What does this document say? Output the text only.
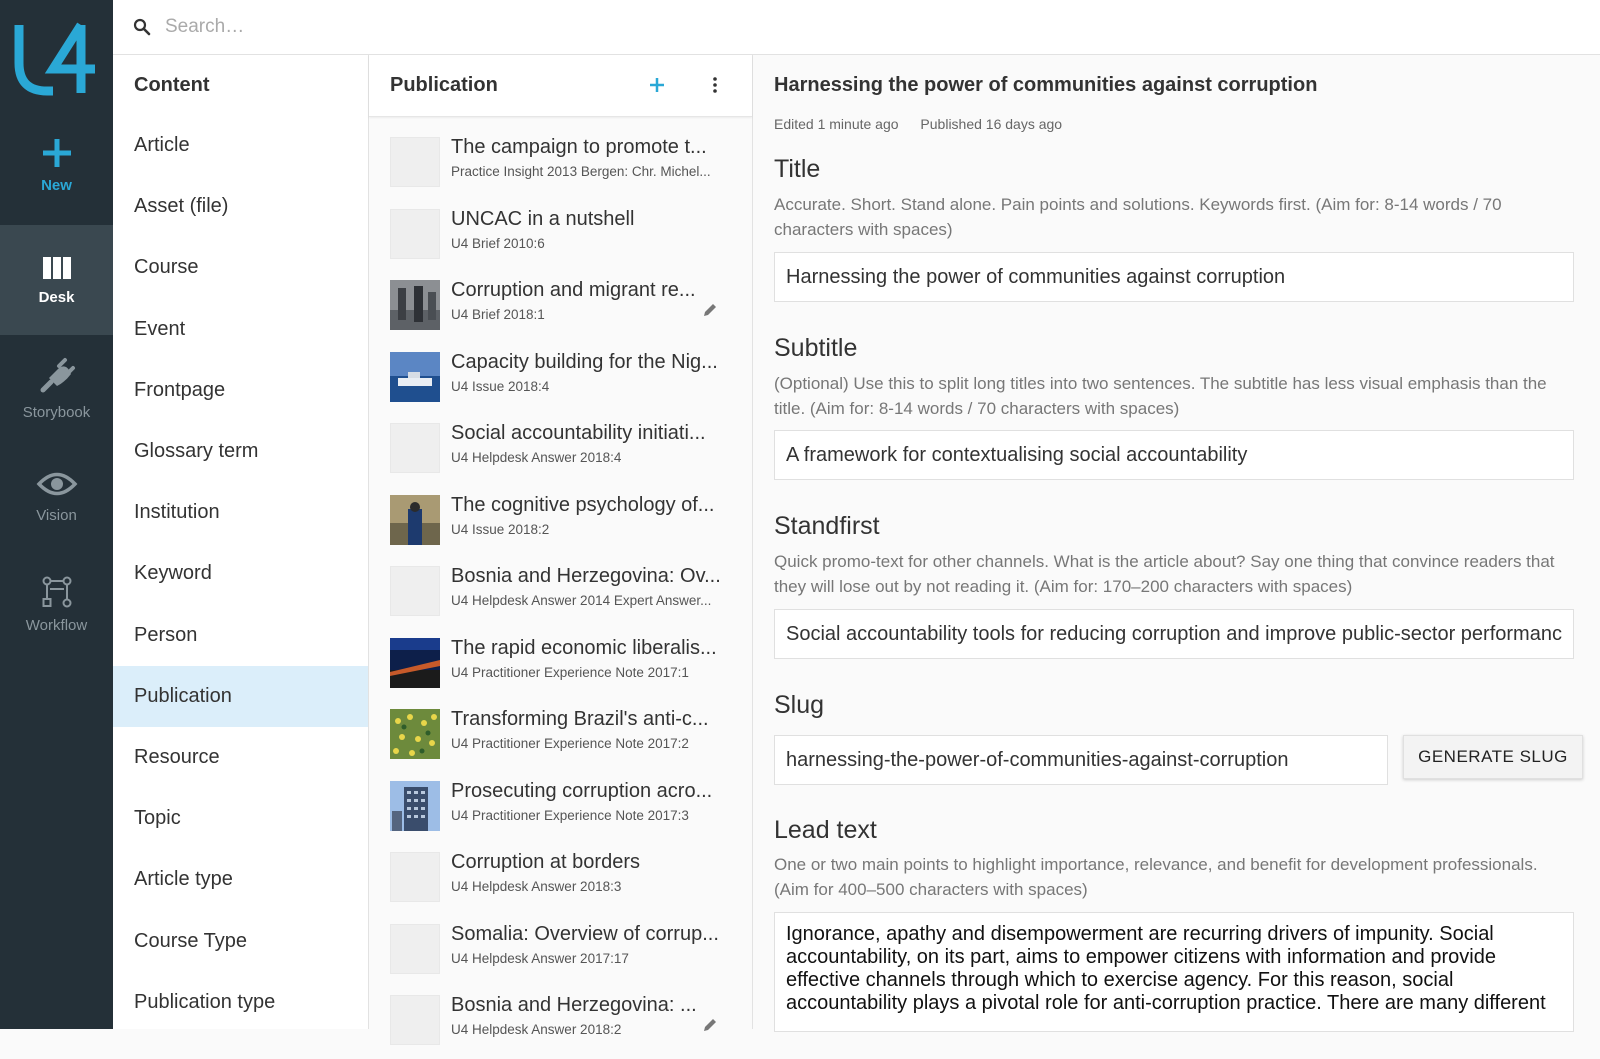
New
Desk
Storybook
Vision
Workflow
Search…
Content
Article
Asset (file)
Course
Event
Frontpage
Glossary term
Institution
Keyword
Person
Publication
Resource
Topic
Article type
Course Type
Publication type
Publication
The campaign to promote t...
Practice Insight 2013 Bergen: Chr. Michel...
UNCAC in a nutshell
U4 Brief 2010:6
Corruption and migrant re...
U4 Brief 2018:1
Capacity building for the Nig...
U4 Issue 2018:4
Social accountability initiati...
U4 Helpdesk Answer 2018:4
The cognitive psychology of...
U4 Issue 2018:2
Bosnia and Herzegovina: Ov...
U4 Helpdesk Answer 2014 Expert Answer...
The rapid economic liberalis...
U4 Practitioner Experience Note 2017:1
Transforming Brazil's anti-c...
U4 Practitioner Experience Note 2017:2
Prosecuting corruption acro...
U4 Practitioner Experience Note 2017:3
Corruption at borders
U4 Helpdesk Answer 2018:3
Somalia: Overview of corrup...
U4 Helpdesk Answer 2017:17
Bosnia and Herzegovina: ...
U4 Helpdesk Answer 2018:2
Harnessing the power of communities against corruption
Edited 1 minute ago Published 16 days ago
Title
Accurate. Short. Stand alone. Pain points and solutions. Keywords first. (Aim for: 8-14 words / 70 characters with spaces)
Harnessing the power of communities against corruption
Subtitle
(Optional) Use this to split long titles into two sentences. The subtitle has less visual emphasis than the title. (Aim for: 8-14 words / 70 characters with spaces)
A framework for contextualising social accountability
Standfirst
Quick promo-text for other channels. What is the article about? Say one thing that convince readers that they will lose out by not reading it. (Aim for: 170–200 characters with spaces)
Social accountability tools for reducing corruption and improve public-sector performance
Slug
harnessing-the-power-of-communities-against-corruption
GENERATE SLUG
Lead text
One or two main points to highlight importance, relevance, and benefit for development professionals. (Aim for 400–500 characters with spaces)
Ignorance, apathy and disempowerment are recurring drivers of impunity. Social accountability, on its part, aims to empower citizens with information and provide effective channels through which to exercise agency. For this reason, social accountability plays a pivotal role for anti-corruption practice. There are many different
